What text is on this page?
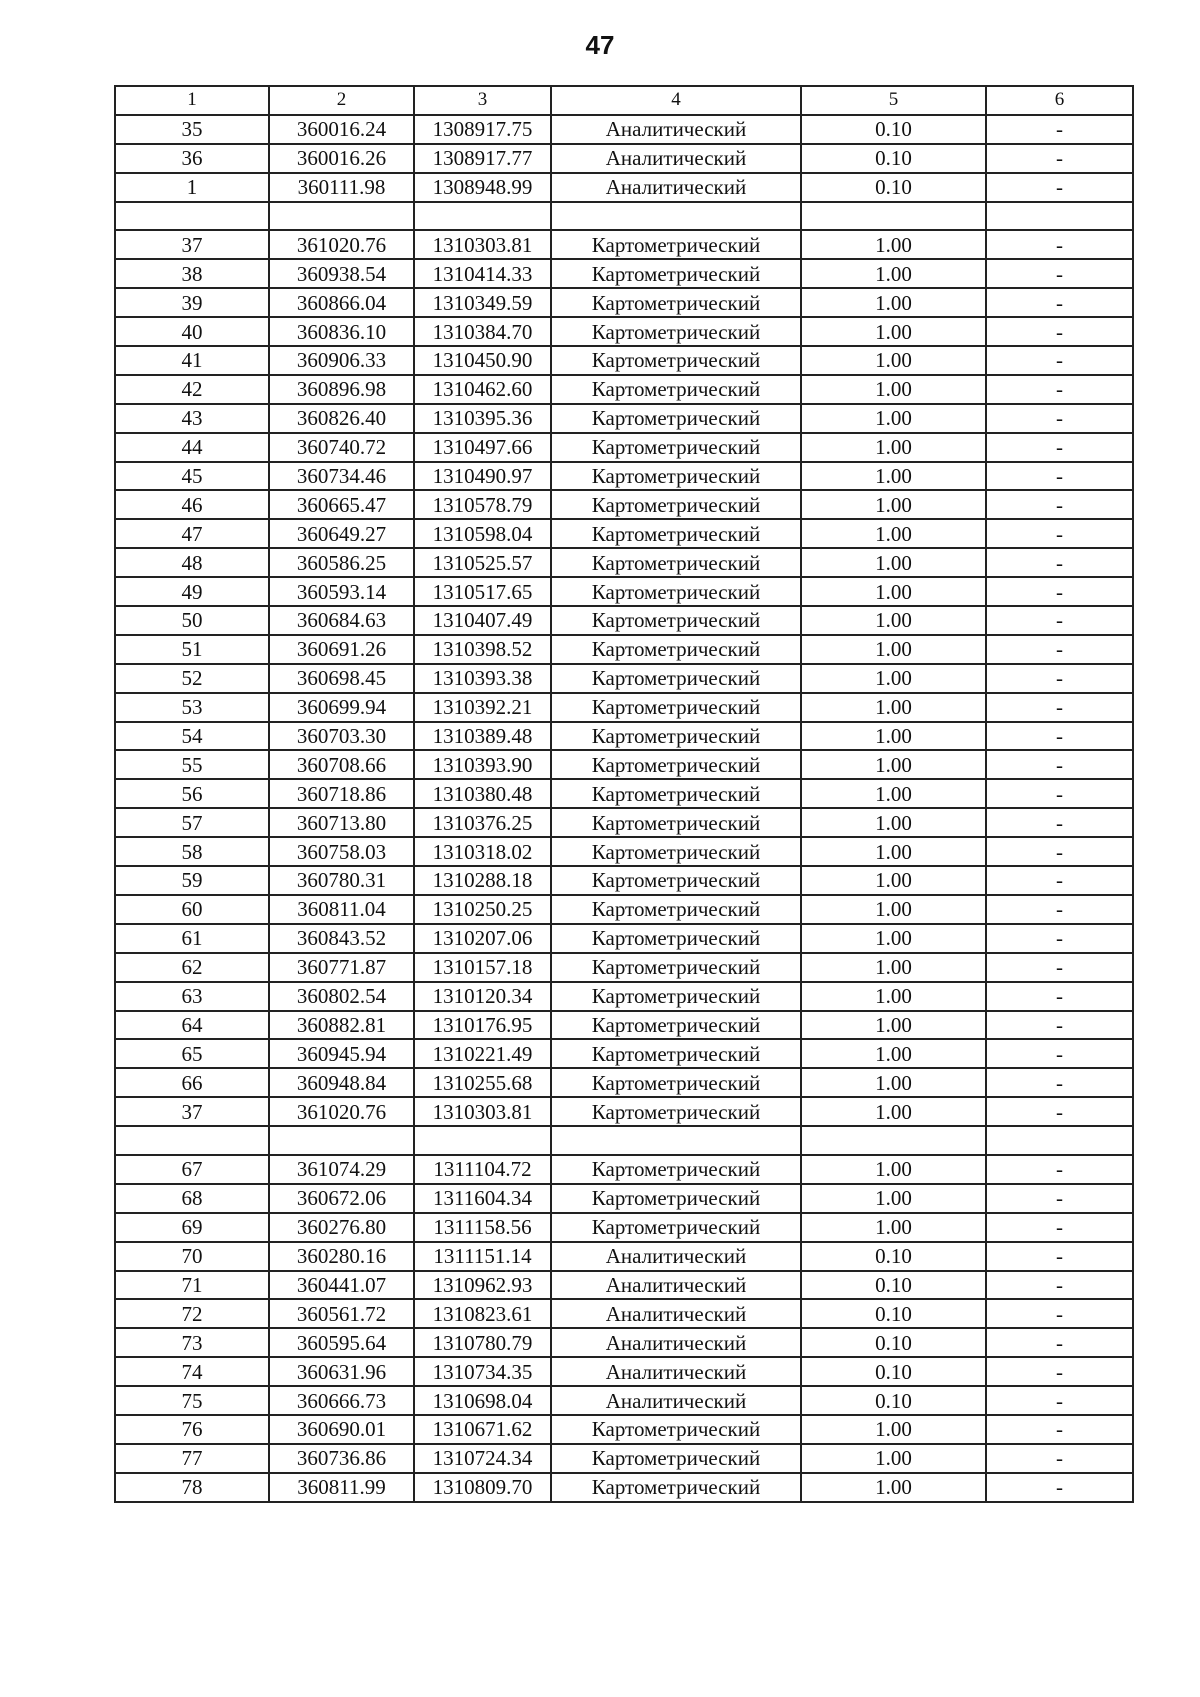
47
1	2	3	4	5	6
35	360016.24	1308917.75	Аналитический	0.10	-
36	360016.26	1308917.77	Аналитический	0.10	-
1	360111.98	1308948.99	Аналитический	0.10	-

37	361020.76	1310303.81	Картометрический	1.00	-
38	360938.54	1310414.33	Картометрический	1.00	-
39	360866.04	1310349.59	Картометрический	1.00	-
40	360836.10	1310384.70	Картометрический	1.00	-
41	360906.33	1310450.90	Картометрический	1.00	-
42	360896.98	1310462.60	Картометрический	1.00	-
43	360826.40	1310395.36	Картометрический	1.00	-
44	360740.72	1310497.66	Картометрический	1.00	-
45	360734.46	1310490.97	Картометрический	1.00	-
46	360665.47	1310578.79	Картометрический	1.00	-
47	360649.27	1310598.04	Картометрический	1.00	-
48	360586.25	1310525.57	Картометрический	1.00	-
49	360593.14	1310517.65	Картометрический	1.00	-
50	360684.63	1310407.49	Картометрический	1.00	-
51	360691.26	1310398.52	Картометрический	1.00	-
52	360698.45	1310393.38	Картометрический	1.00	-
53	360699.94	1310392.21	Картометрический	1.00	-
54	360703.30	1310389.48	Картометрический	1.00	-
55	360708.66	1310393.90	Картометрический	1.00	-
56	360718.86	1310380.48	Картометрический	1.00	-
57	360713.80	1310376.25	Картометрический	1.00	-
58	360758.03	1310318.02	Картометрический	1.00	-
59	360780.31	1310288.18	Картометрический	1.00	-
60	360811.04	1310250.25	Картометрический	1.00	-
61	360843.52	1310207.06	Картометрический	1.00	-
62	360771.87	1310157.18	Картометрический	1.00	-
63	360802.54	1310120.34	Картометрический	1.00	-
64	360882.81	1310176.95	Картометрический	1.00	-
65	360945.94	1310221.49	Картометрический	1.00	-
66	360948.84	1310255.68	Картометрический	1.00	-
37	361020.76	1310303.81	Картометрический	1.00	-

67	361074.29	1311104.72	Картометрический	1.00	-
68	360672.06	1311604.34	Картометрический	1.00	-
69	360276.80	1311158.56	Картометрический	1.00	-
70	360280.16	1311151.14	Аналитический	0.10	-
71	360441.07	1310962.93	Аналитический	0.10	-
72	360561.72	1310823.61	Аналитический	0.10	-
73	360595.64	1310780.79	Аналитический	0.10	-
74	360631.96	1310734.35	Аналитический	0.10	-
75	360666.73	1310698.04	Аналитический	0.10	-
76	360690.01	1310671.62	Картометрический	1.00	-
77	360736.86	1310724.34	Картометрический	1.00	-
78	360811.99	1310809.70	Картометрический	1.00	-
